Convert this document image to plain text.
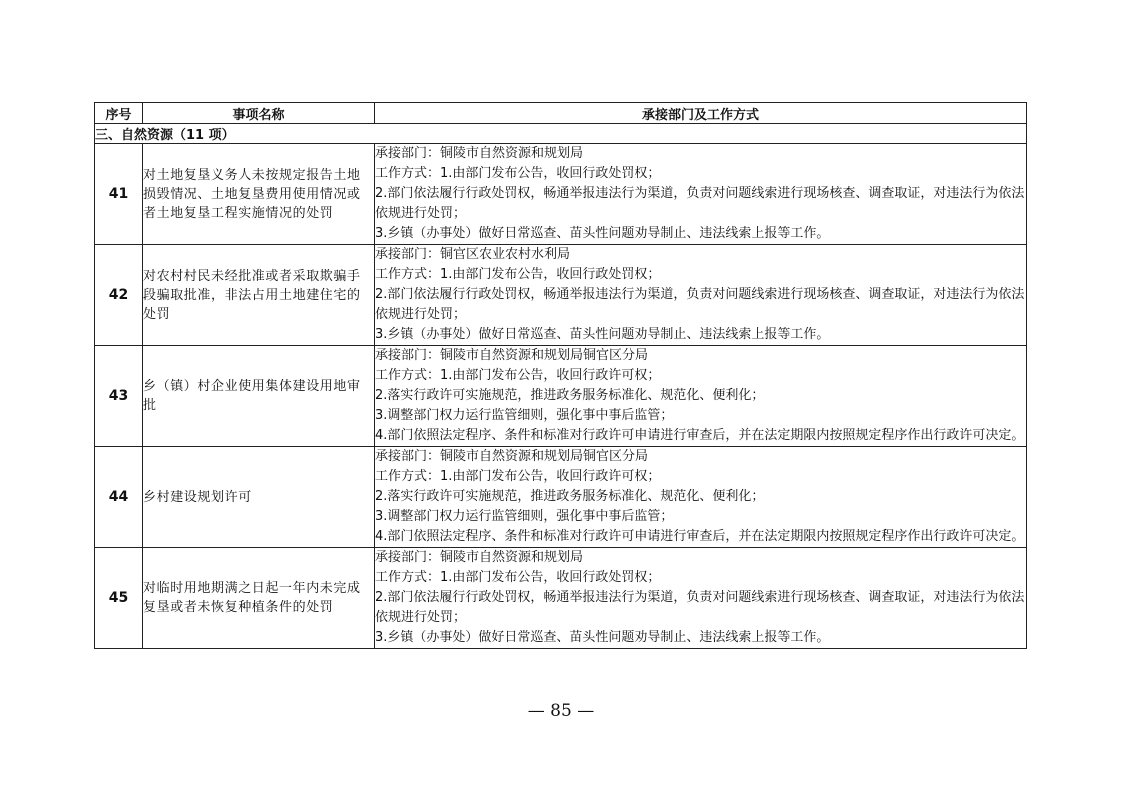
序号	事项名称	承接部门及工作方式
三、自然资源（11 项）		
41	对土地复垦义务人未按规定报告土地损毁情况、土地复垦费用使用情况或者土地复垦工程实施情况的处罚	承接部门：铜陵市自然资源和规划局
工作方式：1.由部门发布公告，收回行政处罚权；
2.部门依法履行行政处罚权，畅通举报违法行为渠道，负责对问题线索进行现场核查、调查取证，对违法行为依法依规进行处罚；
3.乡镇（办事处）做好日常巡查、苗头性问题劝导制止、违法线索上报等工作。

42	对农村村民未经批准或者采取欺骗手段骗取批准，非法占用土地建住宅的处罚	承接部门：铜官区农业农村水利局
工作方式：1.由部门发布公告，收回行政处罚权；
2.部门依法履行行政处罚权，畅通举报违法行为渠道，负责对问题线索进行现场核查、调查取证，对违法行为依法依规进行处罚；
3.乡镇（办事处）做好日常巡查、苗头性问题劝导制止、违法线索上报等工作。

43	乡（镇）村企业使用集体建设用地审批	承接部门：铜陵市自然资源和规划局铜官区分局
工作方式：1.由部门发布公告，收回行政许可权；
2.落实行政许可实施规范，推进政务服务标准化、规范化、便利化；
3.调整部门权力运行监管细则，强化事中事后监管；
4.部门依照法定程序、条件和标准对行政许可申请进行审查后，并在法定期限内按照规定程序作出行政许可决定。

44	乡村建设规划许可	承接部门：铜陵市自然资源和规划局铜官区分局
工作方式：1.由部门发布公告，收回行政许可权；
2.落实行政许可实施规范，推进政务服务标准化、规范化、便利化；
3.调整部门权力运行监管细则，强化事中事后监管；
4.部门依照法定程序、条件和标准对行政许可申请进行审查后，并在法定期限内按照规定程序作出行政许可决定。

45	对临时用地期满之日起一年内未完成复垦或者未恢复种植条件的处罚	承接部门：铜陵市自然资源和规划局
工作方式：1.由部门发布公告，收回行政处罚权；
2.部门依法履行行政处罚权，畅通举报违法行为渠道，负责对问题线索进行现场核查、调查取证，对违法行为依法依规进行处罚；
3.乡镇（办事处）做好日常巡查、苗头性问题劝导制止、违法线索上报等工作。
— 85 —
